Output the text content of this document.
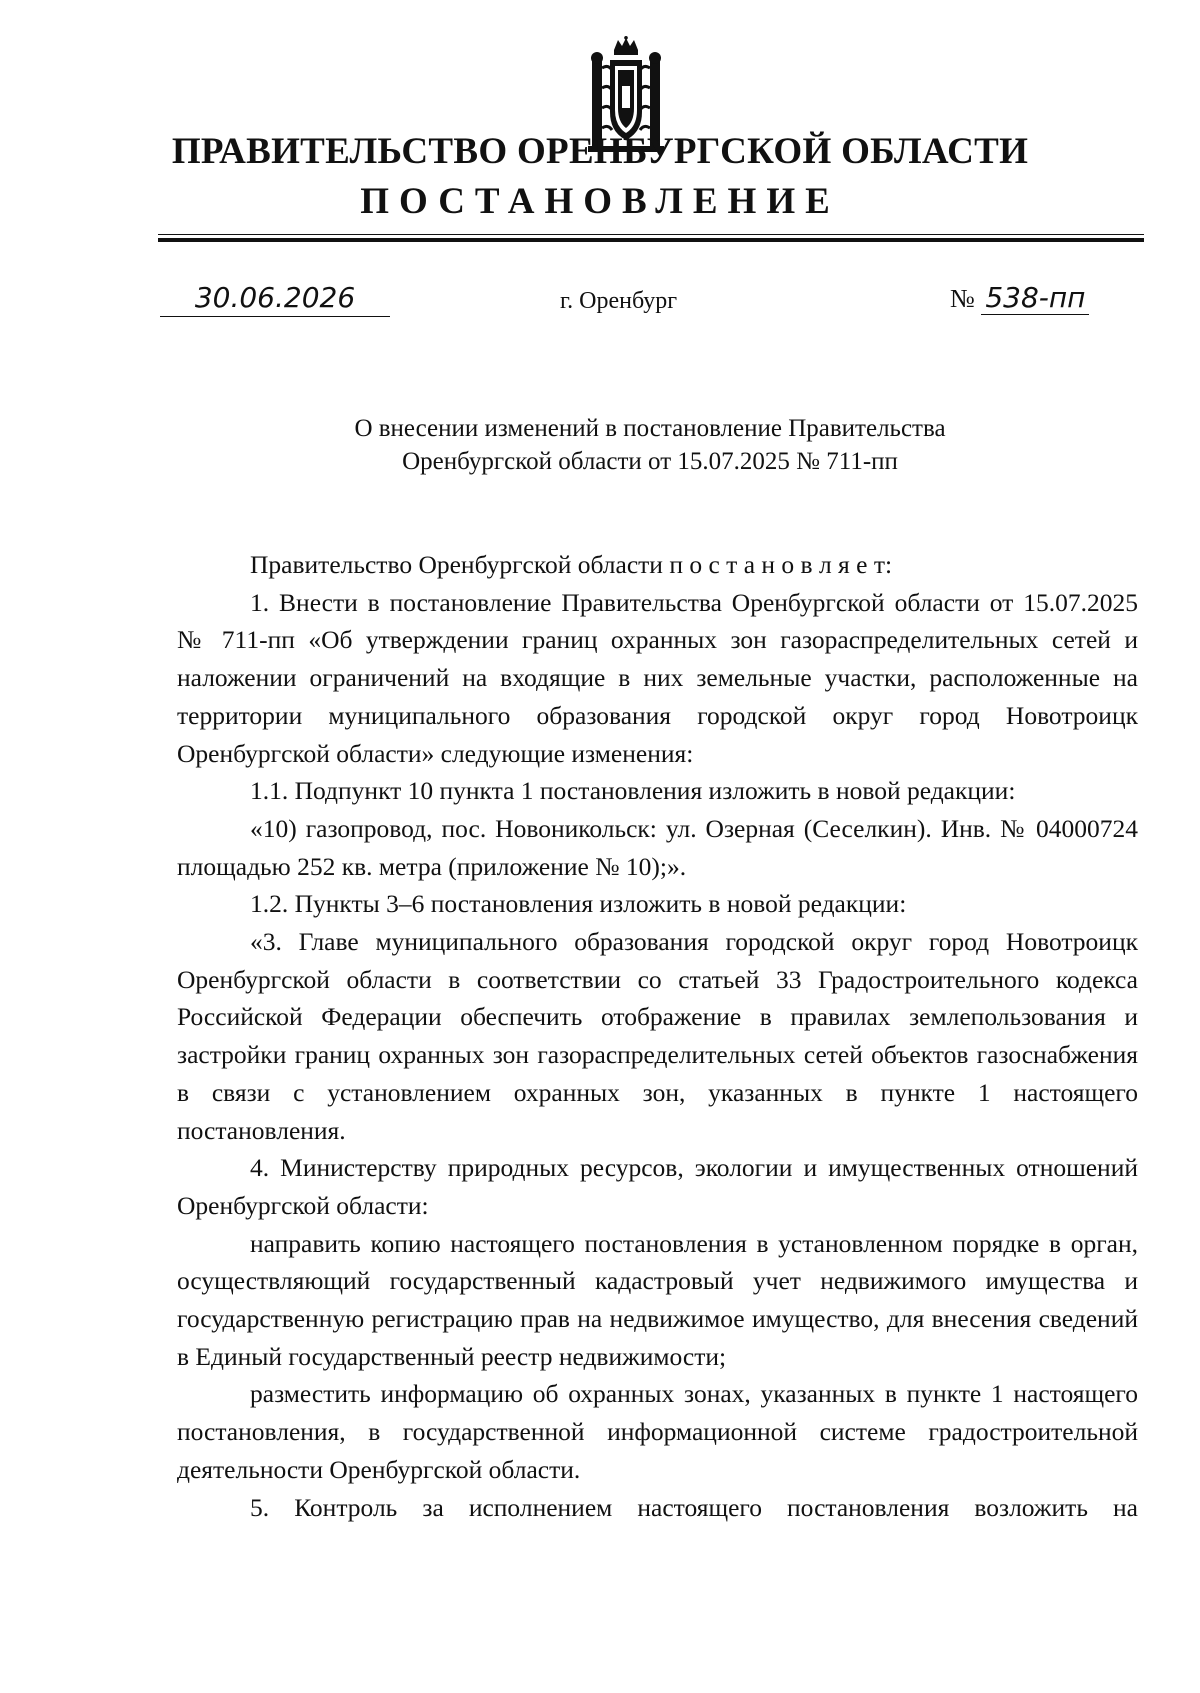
ПРАВИТЕЛЬСТВО ОРЕНБУРГСКОЙ ОБЛАСТИ
ПОСТАНОВЛЕНИЕ
30.06.2026	г. Оренбург	№ 538-пп
О внесении изменений в постановление Правительства
Оренбургской области от 15.07.2025 № 711-пп

Правительство Оренбургской области п о с т а н о в л я е т:

1. Внести в постановление Правительства Оренбургской области от 15.07.2025 № 711-пп «Об утверждении границ охранных зон газораспределительных сетей и наложении ограничений на входящие в них земельные участки, расположенные на территории муниципального образования городской округ город Новотроицк Оренбургской области» следующие изменения:

1.1. Подпункт 10 пункта 1 постановления изложить в новой редакции:

«10) газопровод, пос. Новоникольск: ул. Озерная (Сеселкин). Инв. № 04000724 площадью 252 кв. метра (приложение № 10);».

1.2. Пункты 3–6 постановления изложить в новой редакции:

«3. Главе муниципального образования городской округ город Новотроицк Оренбургской области в соответствии со статьей 33 Градостроительного кодекса Российской Федерации обеспечить отображение в правилах землепользования и застройки границ охранных зон газораспределительных сетей объектов газоснабжения в связи с установлением охранных зон, указанных в пункте 1 настоящего постановления.

4. Министерству природных ресурсов, экологии и имущественных отношений Оренбургской области:

направить копию настоящего постановления в установленном порядке в орган, осуществляющий государственный кадастровый учет недвижимого имущества и государственную регистрацию прав на недвижимое имущество, для внесения сведений в Единый государственный реестр недвижимости;

разместить информацию об охранных зонах, указанных в пункте 1 настоящего постановления, в государственной информационной системе градостроительной деятельности Оренбургской области.

5. Контроль за исполнением настоящего постановления возложить на
